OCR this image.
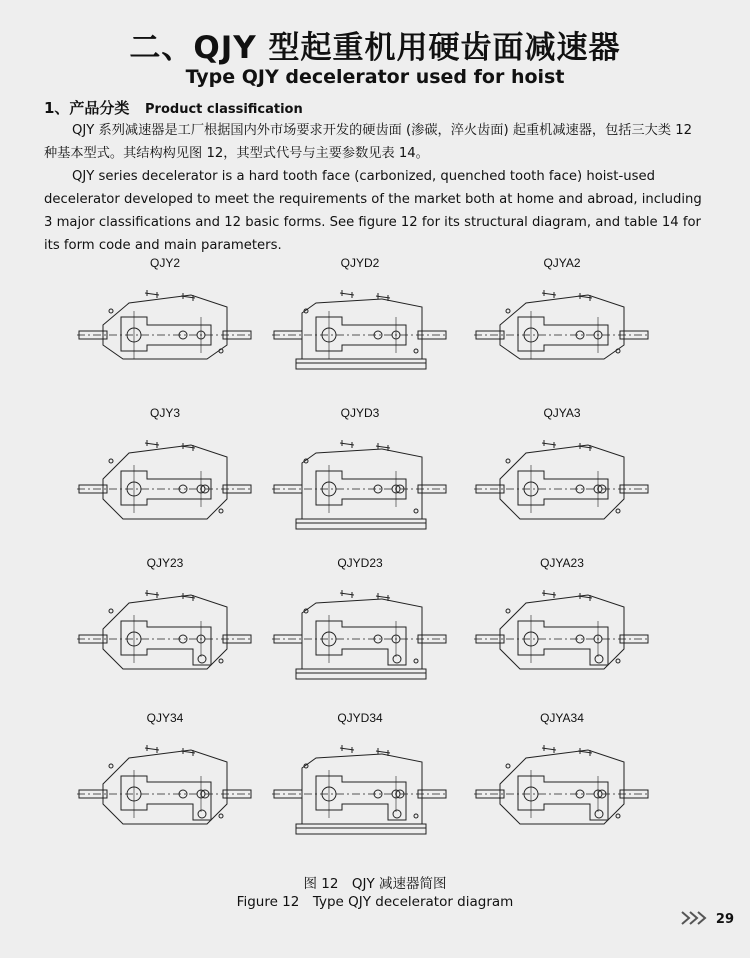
二、QJY 型起重机用硬齿面减速器
Type QJY decelerator used for hoist
1、产品分类 Product classification

QJY 系列减速器是工厂根据国内外市场要求开发的硬齿面 (渗碳，淬火齿面) 起重机减速器，包括三大类 12 种基本型式。其结构构见图 12，其型式代号与主要参数见表 14。

QJY series decelerator is a hard tooth face (carbonized, quenched tooth face) hoist-used decelerator developed to meet the requirements of the market both at home and abroad, including 3 major classifications and 12 basic forms. See figure 12 for its structural diagram, and table 14 for its form code and main parameters.

QJY2	QJYD2	QJYA2
QJY3	QJYD3	QJYA3
QJY23	QJYD23	QJYA23
QJY34	QJYD34	QJYA34
图 12　QJY 减速器简图
Figure 12　Type QJY decelerator diagram
29
